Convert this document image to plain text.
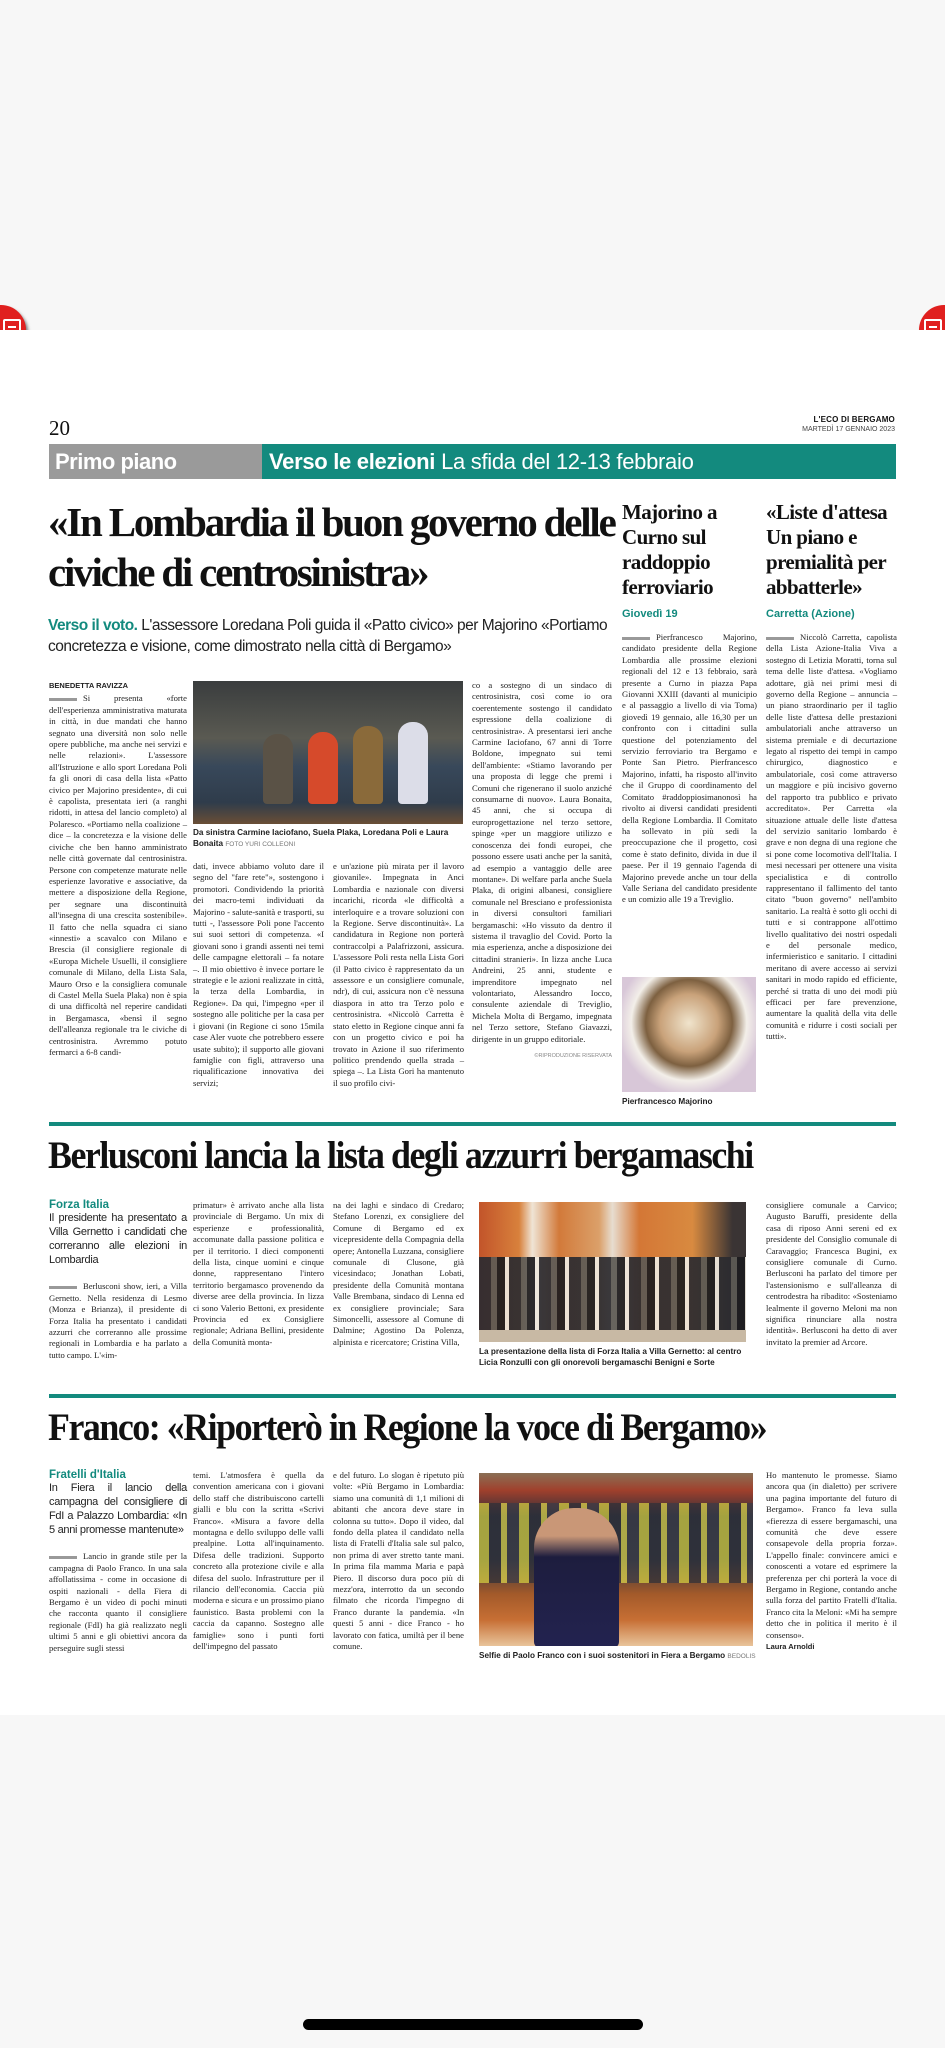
20	L'ECO DI BERGAMO
MARTEDÌ 17 GENNAIO 2023
Primo piano	Verso le elezioni La sfida del 12-13 febbraio
«In Lombardia il buon governo delle civiche di centrosinistra»
Verso il voto. L'assessore Loredana Poli guida il «Patto civico» per Majorino «Portiamo concretezza e visione, come dimostrato nella città di Bergamo»
BENEDETTA RAVIZZA
Si presenta «forte dell'esperienza amministrativa maturata in città, in due mandati che hanno segnato una diversità non solo nelle opere pubbliche, ma anche nei servizi e nelle relazioni». L'assessore all'Istruzione e allo sport Loredana Poli fa gli onori di casa della lista «Patto civico per Majorino presidente», di cui è capolista, presentata ieri (a ranghi ridotti, in attesa del lancio completo) al Polaresco. «Portiamo nella coalizione – dice – la concretezza e la visione delle civiche che ben hanno amministrato nelle città governate dal centrosinistra. Persone con competenze maturate nelle esperienze lavorative e associative, da mettere a disposizione della Regione, per segnare una discontinuità all'insegna di una crescita sostenibile». Il fatto che nella squadra ci siano «innesti» a scavalco con Milano e Brescia (il consigliere regionale di «Europa Michele Usuelli, il consigliere comunale di Milano, della Lista Sala, Mauro Orso e la consigliera comunale di Castel Mella Suela Plaka) non è spia di una difficoltà nel reperire candidati in Bergamasca, «bensì il segno dell'alleanza regionale tra le civiche di centrosinistra. Avremmo potuto fermarci a 6-8 candi-
Da sinistra Carmine Iaciofano, Suela Plaka, Loredana Poli e Laura Bonaita FOTO YURI COLLEONI
dati, invece abbiamo voluto dare il segno del "fare rete"», sostengono i promotori. Condividendo la priorità dei macro-temi individuati da Majorino - salute-sanità e trasporti, su tutti -, l'assessore Poli pone l'accento sui suoi settori di competenza. «I giovani sono i grandi assenti nei temi delle campagne elettorali – fa notare –. Il mio obiettivo è invece portare le strategie e le azioni realizzate in città, la terza della Lombardia, in Regione». Da qui, l'impegno «per il sostegno alle politiche per la casa per i giovani (in Regione ci sono 15mila case Aler vuote che potrebbero essere usate subito); il supporto alle giovani famiglie con figli, attraverso una riqualificazione innovativa dei servizi;
e un'azione più mirata per il lavoro giovanile». Impegnata in Anci Lombardia e nazionale con diversi incarichi, ricorda «le difficoltà a interloquire e a trovare soluzioni con la Regione. Serve discontinuità». La candidatura in Regione non porterà contraccolpi a Palafrizzoni, assicura. L'assessore Poli resta nella Lista Gori (il Patto civico è rappresentato da un assessore e un consigliere comunale, ndr), di cui, assicura non c'è nessuna diaspora in atto tra Terzo polo e centrosinistra. «Niccolò Carretta è stato eletto in Regione cinque anni fa con un progetto civico e poi ha trovato in Azione il suo riferimento politico prendendo quella strada – spiega –. La Lista Gori ha mantenuto il suo profilo civi-
co a sostegno di un sindaco di centrosinistra, così come io ora coerentemente sostengo il candidato espressione della coalizione di centrosinistra». A presentarsi ieri anche Carmine Iaciofano, 67 anni di Torre Boldone, impegnato sui temi dell'ambiente: «Stiamo lavorando per una proposta di legge che premi i Comuni che rigenerano il suolo anziché consumarne di nuovo». Laura Bonaita, 45 anni, che si occupa di europrogettazione nel terzo settore, spinge «per un maggiore utilizzo e conoscenza dei fondi europei, che possono essere usati anche per la sanità, ad esempio a vantaggio delle aree montane». Di welfare parla anche Suela Plaka, di origini albanesi, consigliere comunale nel Bresciano e professionista in diversi consultori familiari bergamaschi: «Ho vissuto da dentro il sistema il travaglio del Covid. Porto la mia esperienza, anche a disposizione dei cittadini stranieri». In lizza anche Luca Andreini, 25 anni, studente e imprenditore impegnato nel volontariato, Alessandro Iocco, consulente aziendale di Treviglio, Michela Molta di Bergamo, impegnata nel Terzo settore, Stefano Giavazzi, dirigente in un gruppo editoriale.
©RIPRODUZIONE RISERVATA
Majorino a Curno sul raddoppio ferroviario
Giovedì 19
Pierfrancesco Majorino, candidato presidente della Regione Lombardia alle prossime elezioni regionali del 12 e 13 febbraio, sarà presente a Curno in piazza Papa Giovanni XXIII (davanti al municipio e al passaggio a livello di via Toma) giovedì 19 gennaio, alle 16,30 per un confronto con i cittadini sulla questione del potenziamento del servizio ferroviario tra Bergamo e Ponte San Pietro. Pierfrancesco Majorino, infatti, ha risposto all'invito che il Gruppo di coordinamento del Comitato #raddoppiosimanonosì ha rivolto ai diversi candidati presidenti della Regione Lombardia. Il Comitato ha sollevato in più sedi la preoccupazione che il progetto, così come è stato definito, divida in due il paese. Per il 19 gennaio l'agenda di Majorino prevede anche un tour della Valle Seriana del candidato presidente e un comizio alle 19 a Treviglio.
Pierfrancesco Majorino
«Liste d'attesa Un piano e premialità per abbatterle»
Carretta (Azione)
Niccolò Carretta, capolista della Lista Azione-Italia Viva a sostegno di Letizia Moratti, torna sul tema delle liste d'attesa. «Vogliamo adottare, già nei primi mesi di governo della Regione – annuncia – un piano straordinario per il taglio delle liste d'attesa delle prestazioni ambulatoriali anche attraverso un sistema premiale e di decurtazione legato al rispetto dei tempi in campo chirurgico, diagnostico e ambulatoriale, così come attraverso un maggiore e più incisivo governo del rapporto tra pubblico e privato accreditato». Per Carretta «la situazione attuale delle liste d'attesa del servizio sanitario lombardo è grave e non degna di una regione che si pone come locomotiva dell'Italia. I mesi necessari per ottenere una visita specialistica e di controllo rappresentano il fallimento del tanto citato "buon governo" nell'ambito sanitario. La realtà è sotto gli occhi di tutti e si contrappone all'ottimo livello qualitativo dei nostri ospedali e del personale medico, infermieristico e sanitario. I cittadini meritano di avere accesso ai servizi sanitari in modo rapido ed efficiente, perché si tratta di uno dei modi più efficaci per fare prevenzione, aumentare la qualità della vita delle comunità e ridurre i costi sociali per tutti».
Berlusconi lancia la lista degli azzurri bergamaschi
Forza Italia
Il presidente ha presentato a Villa Gernetto i candidati che correranno alle elezioni in Lombardia
Berlusconi show, ieri, a Villa Gernetto. Nella residenza di Lesmo (Monza e Brianza), il presidente di Forza Italia ha presentato i candidati azzurri che correranno alle prossime regionali in Lombardia e ha parlato a tutto campo. L'«im-
primatur» è arrivato anche alla lista provinciale di Bergamo. Un mix di esperienze e professionalità, accomunate dalla passione politica e per il territorio. I dieci componenti della lista, cinque uomini e cinque donne, rappresentano l'intero territorio bergamasco provenendo da diverse aree della provincia. In lizza ci sono Valerio Bettoni, ex presidente Provincia ed ex Consigliere regionale; Adriana Bellini, presidente della Comunità monta-
na dei laghi e sindaco di Credaro; Stefano Lorenzi, ex consigliere del Comune di Bergamo ed ex vicepresidente della Compagnia della opere; Antonella Luzzana, consigliere comunale di Clusone, già vicesindaco; Jonathan Lobati, presidente della Comunità montana Valle Brembana, sindaco di Lenna ed ex consigliere provinciale; Sara Simoncelli, assessore al Comune di Dalmine; Agostino Da Polenza, alpinista e ricercatore; Cristina Villa,
La presentazione della lista di Forza Italia a Villa Gernetto: al centro Licia Ronzulli con gli onorevoli bergamaschi Benigni e Sorte
consigliere comunale a Carvico; Augusto Baruffi, presidente della casa di riposo Anni sereni ed ex presidente del Consiglio comunale di Caravaggio; Francesca Bugini, ex consigliere comunale di Curno. Berlusconi ha parlato del timore per l'astensionismo e sull'alleanza di centrodestra ha ribadito: «Sosteniamo lealmente il governo Meloni ma non significa rinunciare alla nostra identità». Berlusconi ha detto di aver invitato la premier ad Arcore.
Franco: «Riporterò in Regione la voce di Bergamo»
Fratelli d'Italia
In Fiera il lancio della campagna del consigliere di FdI a Palazzo Lombardia: «In 5 anni promesse mantenute»
Lancio in grande stile per la campagna di Paolo Franco. In una sala affollatissima - come in occasione di ospiti nazionali - della Fiera di Bergamo è un video di pochi minuti che racconta quanto il consigliere regionale (FdI) ha già realizzato negli ultimi 5 anni e gli obiettivi ancora da perseguire sugli stessi
temi. L'atmosfera è quella da convention americana con i giovani dello staff che distribuiscono cartelli gialli e blu con la scritta «Scrivi Franco». «Misura a favore della montagna e dello sviluppo delle valli prealpine. Lotta all'inquinamento. Difesa delle tradizioni. Supporto concreto alla protezione civile e alla difesa del suolo. Infrastrutture per il rilancio dell'economia. Caccia più moderna e sicura e un prossimo piano faunistico. Basta problemi con la caccia da capanno. Sostegno alle famiglie» sono i punti forti dell'impegno del passato
e del futuro. Lo slogan è ripetuto più volte: «Più Bergamo in Lombardia: siamo una comunità di 1,1 milioni di abitanti che ancora deve stare in colonna su tutto». Dopo il video, dal fondo della platea il candidato nella lista di Fratelli d'Italia sale sul palco, non prima di aver stretto tante mani. In prima fila mamma Maria e papà Piero. Il discorso dura poco più di mezz'ora, interrotto da un secondo filmato che ricorda l'impegno di Franco durante la pandemia. «In questi 5 anni - dice Franco - ho lavorato con fatica, umiltà per il bene comune.
Selfie di Paolo Franco con i suoi sostenitori in Fiera a Bergamo BEDOLIS
Ho mantenuto le promesse. Siamo ancora qua (in dialetto) per scrivere una pagina importante del futuro di Bergamo». Franco fa leva sulla «fierezza di essere bergamaschi, una comunità che deve essere consapevole della propria forza». L'appello finale: convincere amici e conoscenti a votare ed esprimere la preferenza per chi porterà la voce di Bergamo in Regione, contando anche sulla forza del partito Fratelli d'Italia. Franco cita la Meloni: «Mi ha sempre detto che in politica il merito è il consenso».
Laura Arnoldi
